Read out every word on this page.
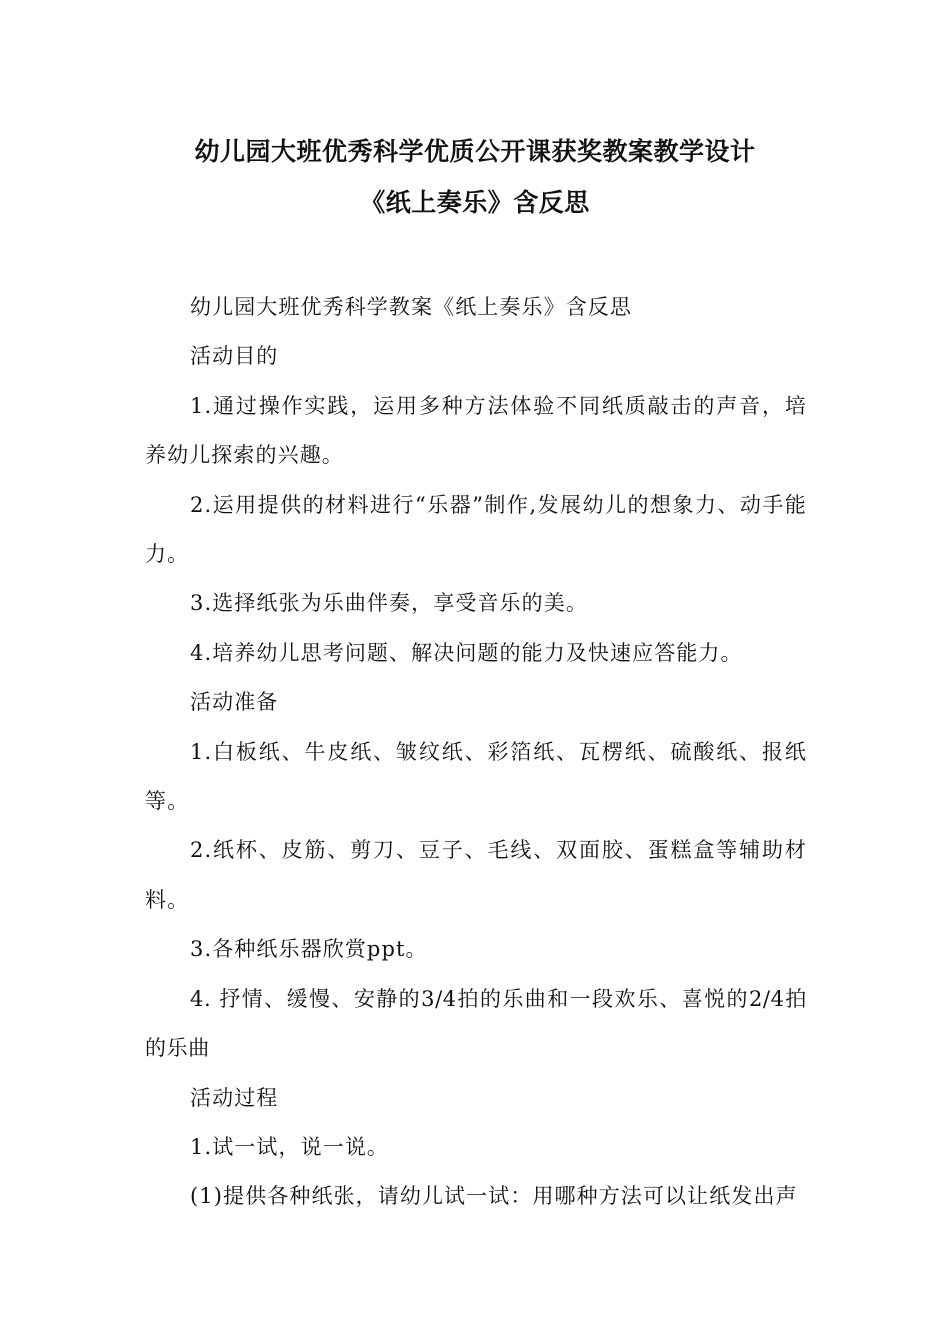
幼儿园大班优秀科学优质公开课获奖教案教学设计
《纸上奏乐》含反思

幼儿园大班优秀科学教案《纸上奏乐》含反思

活动目的

1.通过操作实践，运用多种方法体验不同纸质敲击的声音，培养幼儿探索的兴趣。

2.运用提供的材料进行“乐器”制作,发展幼儿的想象力、动手能力。

3.选择纸张为乐曲伴奏，享受音乐的美。

4.培养幼儿思考问题、解决问题的能力及快速应答能力。

活动准备

1.白板纸、牛皮纸、皱纹纸、彩箔纸、瓦楞纸、硫酸纸、报纸等。

2.纸杯、皮筋、剪刀、豆子、毛线、双面胶、蛋糕盒等辅助材料。

3.各种纸乐器欣赏ppt。

4. 抒情、缓慢、安静的3/4拍的乐曲和一段欢乐、喜悦的2/4拍的乐曲

活动过程

1.试一试，说一说。

(1)提供各种纸张，请幼儿试一试：用哪种方法可以让纸发出声
